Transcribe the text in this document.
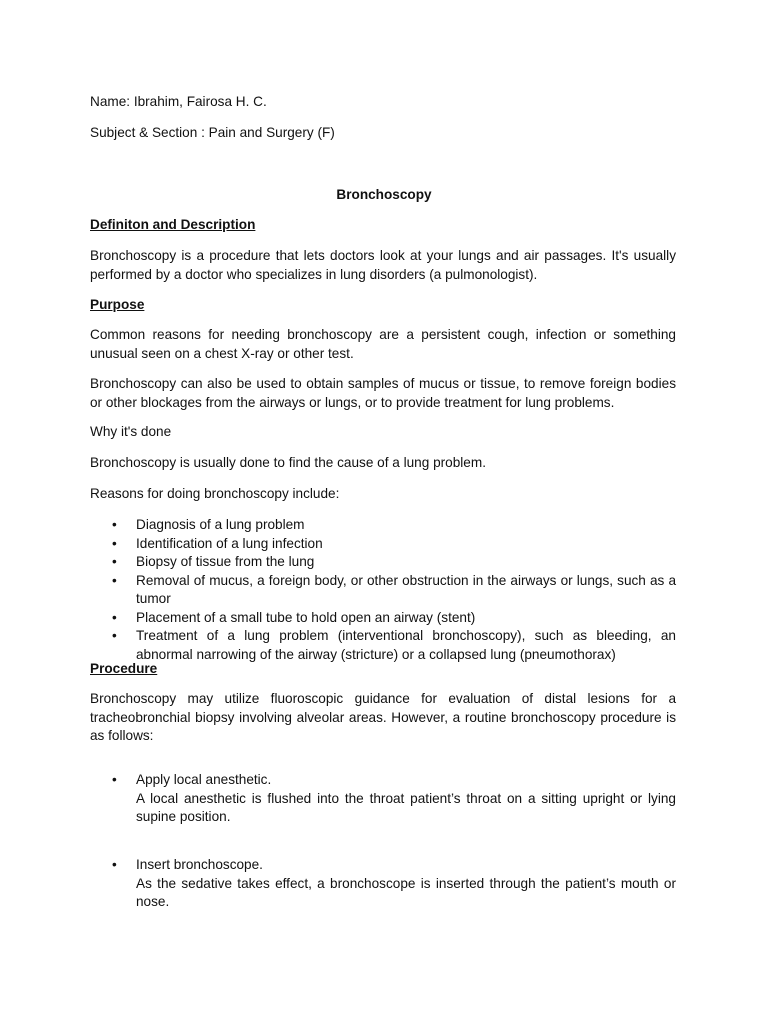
Name: Ibrahim, Fairosa H. C.

Subject & Section : Pain and Surgery (F)

Bronchoscopy

Definiton and Description

Bronchoscopy is a procedure that lets doctors look at your lungs and air passages. It's usually performed by a doctor who specializes in lung disorders (a pulmonologist).

Purpose

Common reasons for needing bronchoscopy are a persistent cough, infection or something unusual seen on a chest X-ray or other test.

Bronchoscopy can also be used to obtain samples of mucus or tissue, to remove foreign bodies or other blockages from the airways or lungs, or to provide treatment for lung problems.

Why it's done

Bronchoscopy is usually done to find the cause of a lung problem.

Reasons for doing bronchoscopy include:

• Diagnosis of a lung problem
• Identification of a lung infection
• Biopsy of tissue from the lung
• Removal of mucus, a foreign body, or other obstruction in the airways or lungs, such as a tumor
• Placement of a small tube to hold open an airway (stent)
• Treatment of a lung problem (interventional bronchoscopy), such as bleeding, an abnormal narrowing of the airway (stricture) or a collapsed lung (pneumothorax)

Procedure

Bronchoscopy may utilize fluoroscopic guidance for evaluation of distal lesions for a tracheobronchial biopsy involving alveolar areas. However, a routine bronchoscopy procedure is as follows:

• Apply local anesthetic.
A local anesthetic is flushed into the throat patient’s throat on a sitting upright or lying supine position.
• Insert bronchoscope.
As the sedative takes effect, a bronchoscope is inserted through the patient’s mouth or nose.
